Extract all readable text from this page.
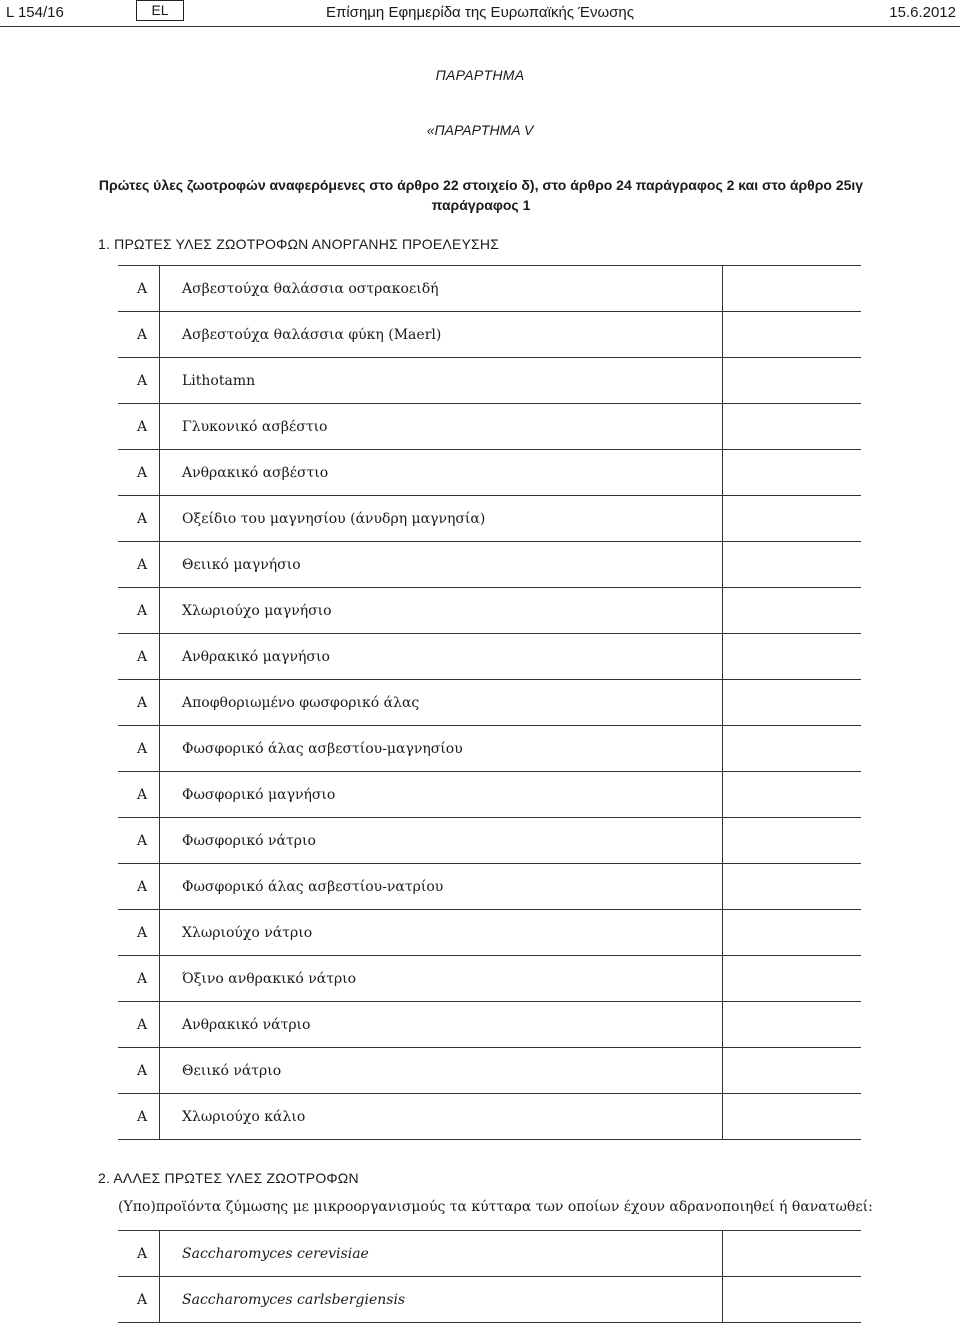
L 154/16	EL	Επίσημη Εφημερίδα της Ευρωπαϊκής Ένωσης	15.6.2012
ΠΑΡΑΡΤΗΜΑ
«ΠΑΡΑΡΤΗΜΑ V
Πρώτες ύλες ζωοτροφών αναφερόμενες στο άρθρο 22 στοιχείο δ), στο άρθρο 24 παράγραφος 2 και στο άρθρο 25ιγ παράγραφος 1
1. ΠΡΩΤΕΣ ΥΛΕΣ ΖΩΟΤΡΟΦΩΝ ΑΝΟΡΓΑΝΗΣ ΠΡΟΕΛΕΥΣΗΣ
A	Ασβεστούχα θαλάσσια οστρακοειδή	

A	Ασβεστούχα θαλάσσια φύκη (Maerl)	

A	Lithotamn	

A	Γλυκονικό ασβέστιο	

A	Ανθρακικό ασβέστιο	

A	Οξείδιο του μαγνησίου (άνυδρη μαγνησία)	

A	Θειικό μαγνήσιο	

A	Χλωριούχο μαγνήσιο	

A	Ανθρακικό μαγνήσιο	

A	Αποφθοριωμένο φωσφορικό άλας	

A	Φωσφορικό άλας ασβεστίου-μαγνησίου	

A	Φωσφορικό μαγνήσιο	

A	Φωσφορικό νάτριο	

A	Φωσφορικό άλας ασβεστίου-νατρίου	

A	Χλωριούχο νάτριο	

A	Όξινο ανθρακικό νάτριο	

A	Ανθρακικό νάτριο	

A	Θειικό νάτριο	

A	Χλωριούχο κάλιο	
2. ΑΛΛΕΣ ΠΡΩΤΕΣ ΥΛΕΣ ΖΩΟΤΡΟΦΩΝ
(Υπο)προϊόντα ζύμωσης με μικροοργανισμούς τα κύτταρα των οποίων έχουν αδρανοποιηθεί ή θανατωθεί:
A	Saccharomyces cerevisiae	

A	Saccharomyces carlsbergiensis	
